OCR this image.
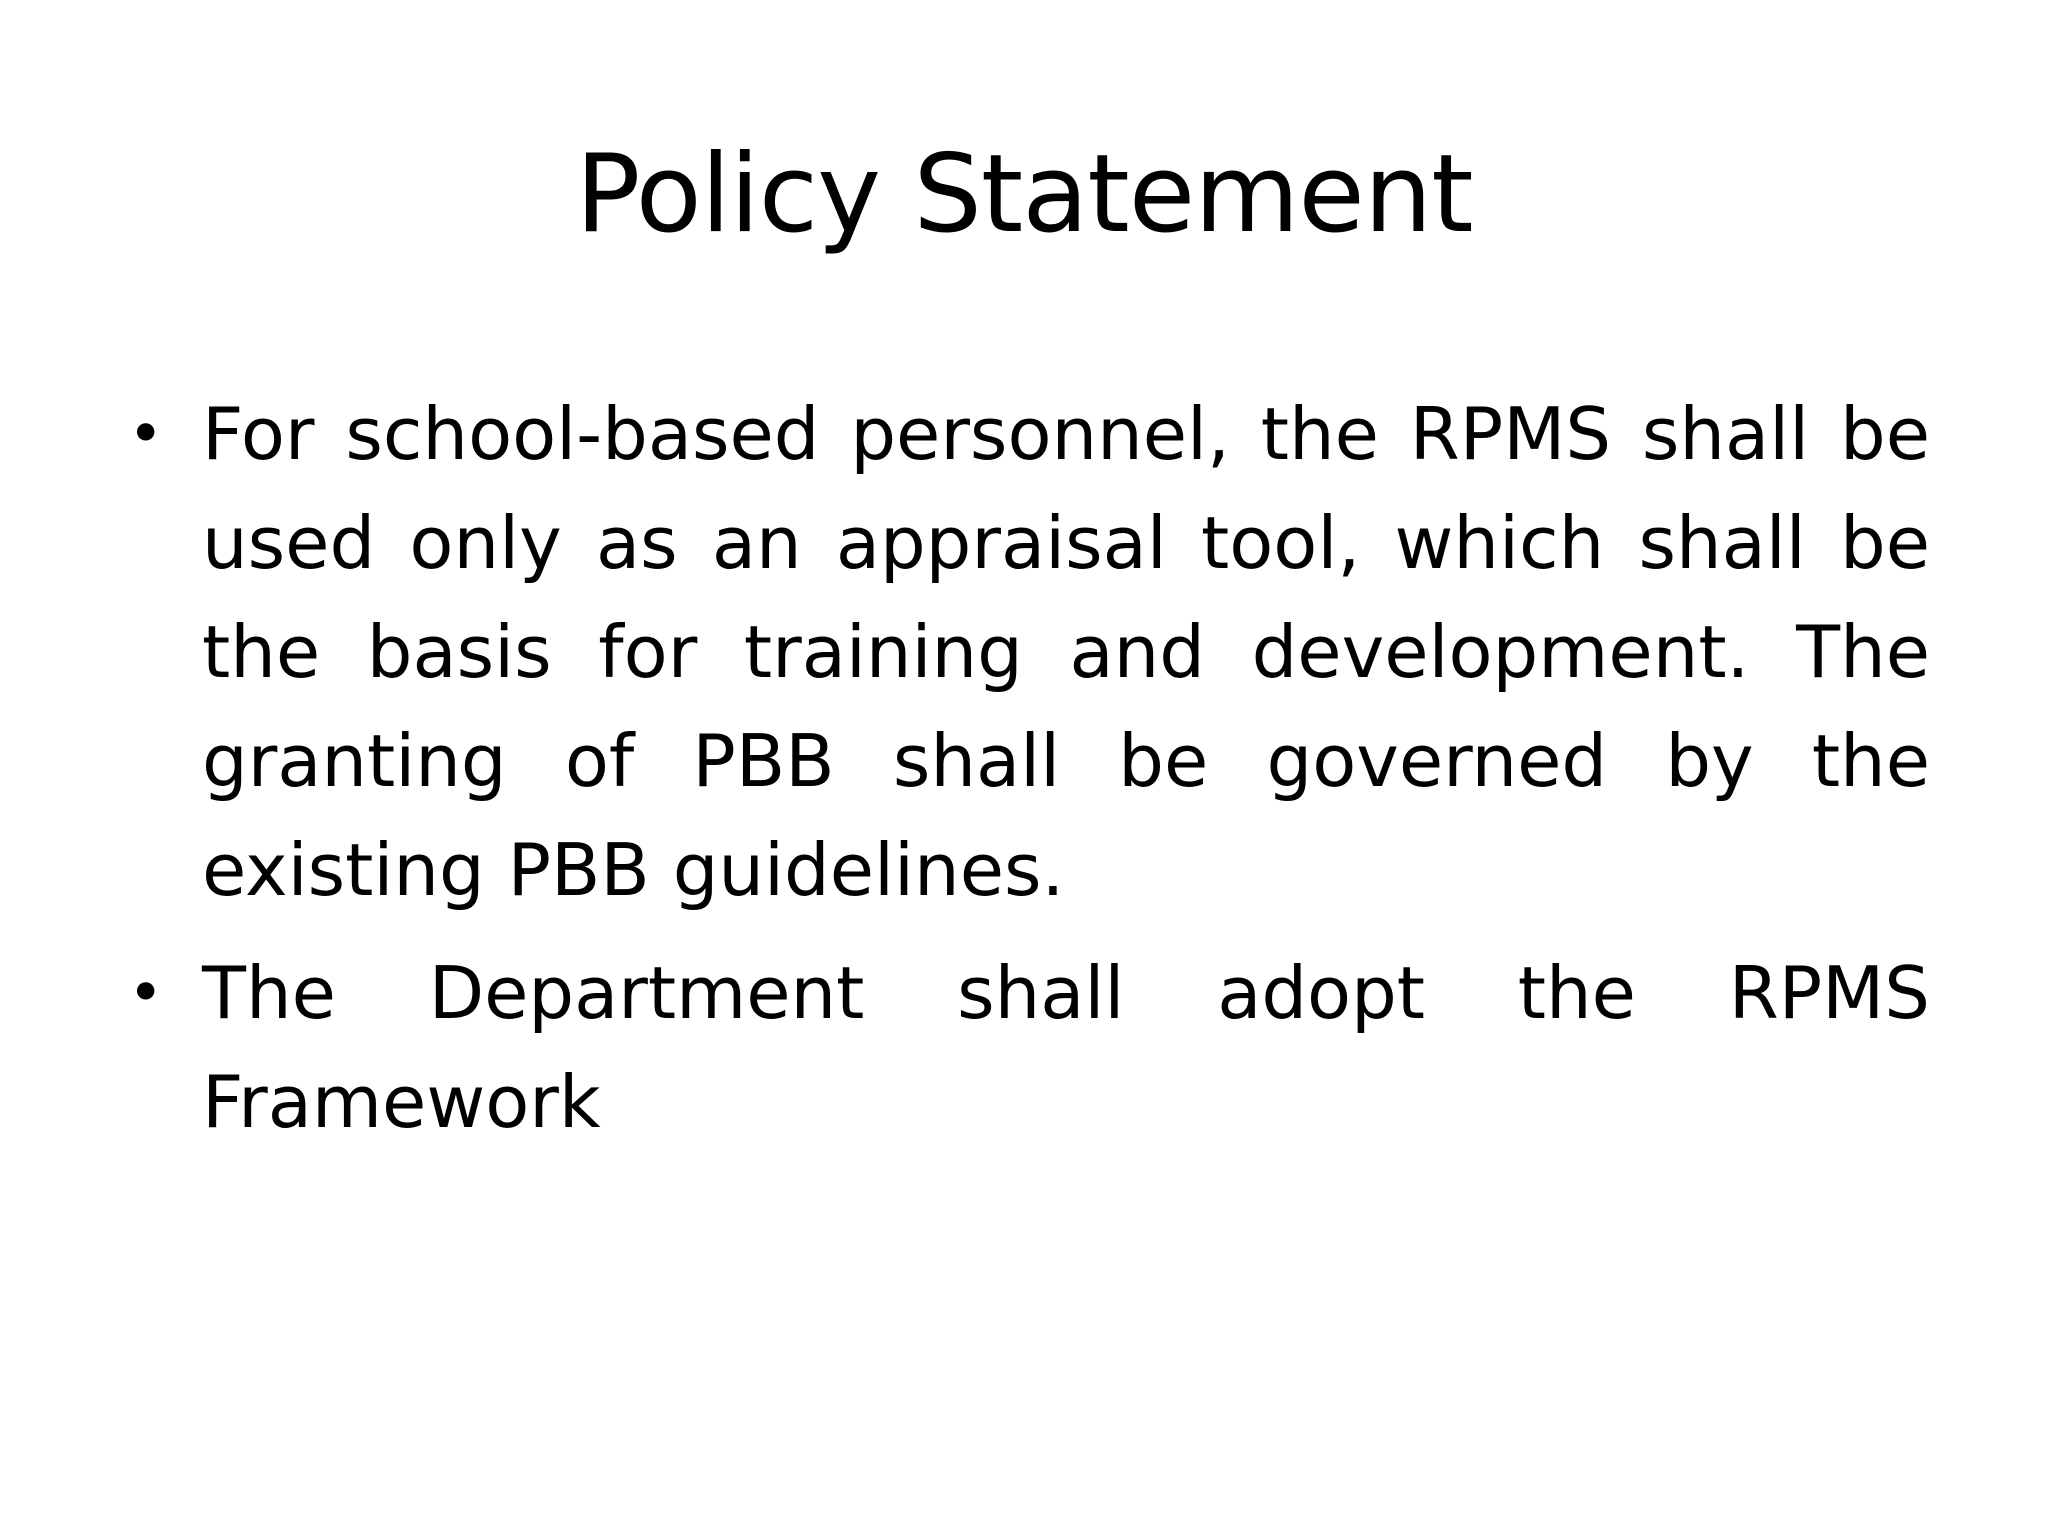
Policy Statement
• For school-based personnel, the RPMS shall be used only as an appraisal tool, which shall be the basis for training and development. The granting of PBB shall be governed by the existing PBB guidelines.
• The Department shall adopt the RPMS Framework
